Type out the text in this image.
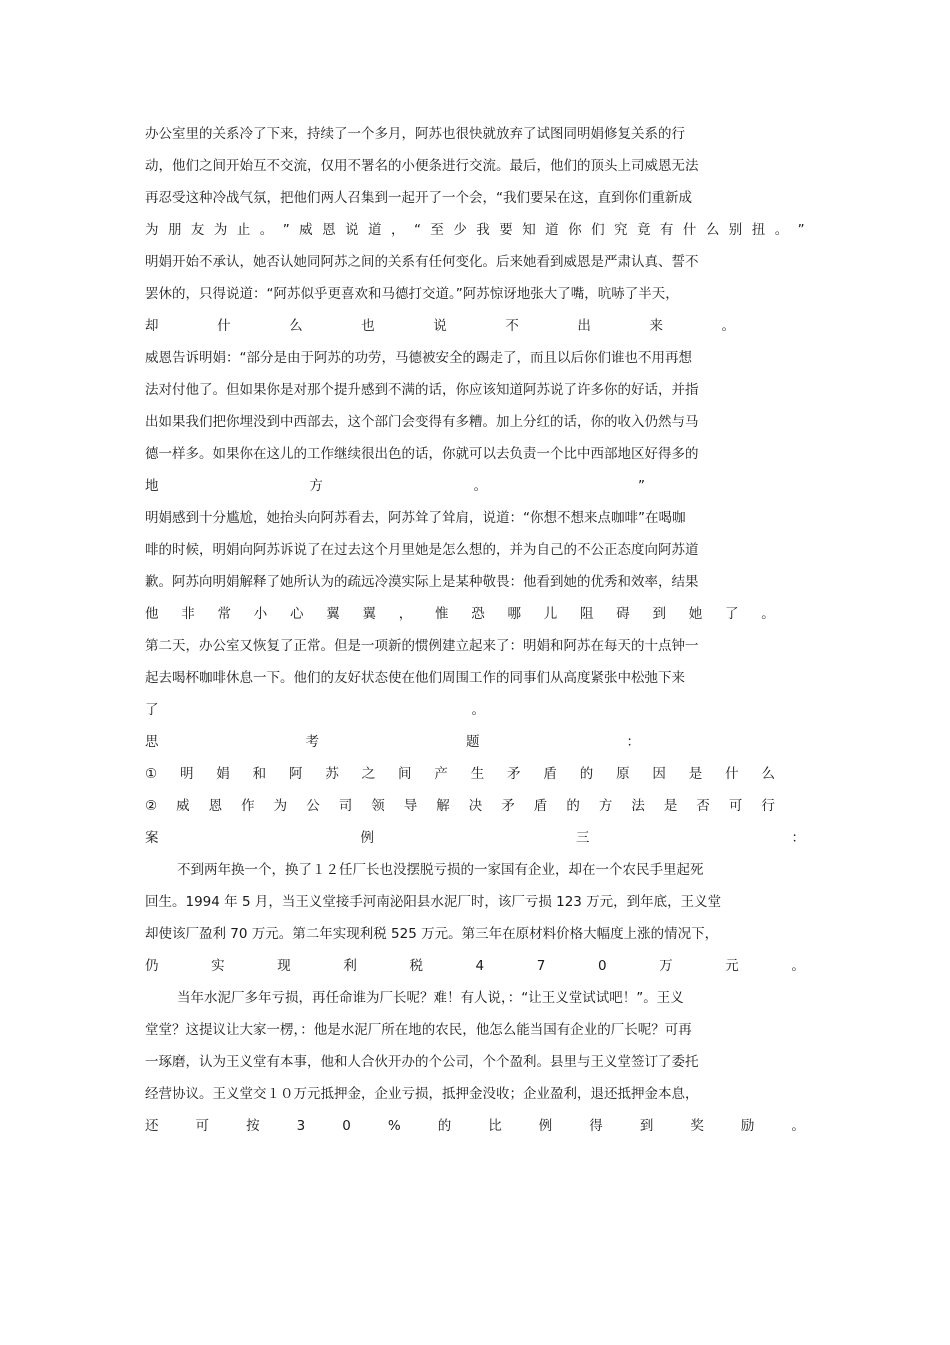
办公室里的关系冷了下来，持续了一个多月，阿苏也很快就放弃了试图同明娟修复关系的行
动，他们之间开始互不交流，仅用不署名的小便条进行交流。最后，他们的顶头上司威恩无法
再忍受这种冷战气氛，把他们两人召集到一起开了一个会，“我们要呆在这，直到你们重新成
为 朋 友 为 止 。 ” 威 恩 说 道 ， “ 至 少 我 要 知 道 你 们 究 竟 有 什 么 别 扭 。 ”
明娟开始不承认，她否认她同阿苏之间的关系有任何变化。后来她看到威恩是严肃认真、誓不
罢休的，只得说道：“阿苏似乎更喜欢和马德打交道。”阿苏惊讶地张大了嘴，吭哧了半天，
却	什	么	也	说	不	出	来	。
威恩告诉明娟：“部分是由于阿苏的功劳，马德被安全的踢走了，而且以后你们谁也不用再想
法对付他了。但如果你是对那个提升感到不满的话，你应该知道阿苏说了许多你的好话，并指
出如果我们把你埋没到中西部去，这个部门会变得有多糟。加上分红的话，你的收入仍然与马
德一样多。如果你在这儿的工作继续很出色的话，你就可以去负责一个比中西部地区好得多的
地	方	。	”
明娟感到十分尴尬，她抬头向阿苏看去，阿苏耸了耸肩，说道：“你想不想来点咖啡”在喝咖
啡的时候，明娟向阿苏诉说了在过去这个月里她是怎么想的，并为自己的不公正态度向阿苏道
歉。阿苏向明娟解释了她所认为的疏远冷漠实际上是某种敬畏：他看到她的优秀和效率，结果
他 非 常 小 心 翼 翼 ， 惟 恐 哪 儿 阻 碍 到 她 了 。
第二天，办公室又恢复了正常。但是一项新的惯例建立起来了：明娟和阿苏在每天的十点钟一
起去喝杯咖啡休息一下。他们的友好状态使在他们周围工作的同事们从高度紧张中松弛下来
了	。
思	考	题	：
① 明 娟 和 阿 苏 之 间 产 生 矛 盾 的 原 因 是 什 么
② 威 恩 作 为 公 司 领 导 解 决 矛 盾 的 方 法 是 否 可 行
案	例	三	：
不到两年换一个，换了１２任厂长也没摆脱亏损的一家国有企业，却在一个农民手里起死
回生。1994 年 5 月，当王义堂接手河南泌阳县水泥厂时，该厂亏损 123 万元，到年底，王义堂
却使该厂盈利 70 万元。第二年实现利税 525 万元。第三年在原材料价格大幅度上涨的情况下，
仍	实	现	利	税	4	7	0	万	元	。
当年水泥厂多年亏损，再任命谁为厂长呢？难！有人说，：“让王义堂试试吧！”。王义
堂堂？这提议让大家一楞，：他是水泥厂所在地的农民，他怎么能当国有企业的厂长呢？可再
一琢磨，认为王义堂有本事，他和人合伙开办的个公司，个个盈利。县里与王义堂签订了委托
经营协议。王义堂交１０万元抵押金，企业亏损，抵押金没收；企业盈利，退还抵押金本息，
还	可	按	3	0	%	的	比	例	得	到	奖	励	。
